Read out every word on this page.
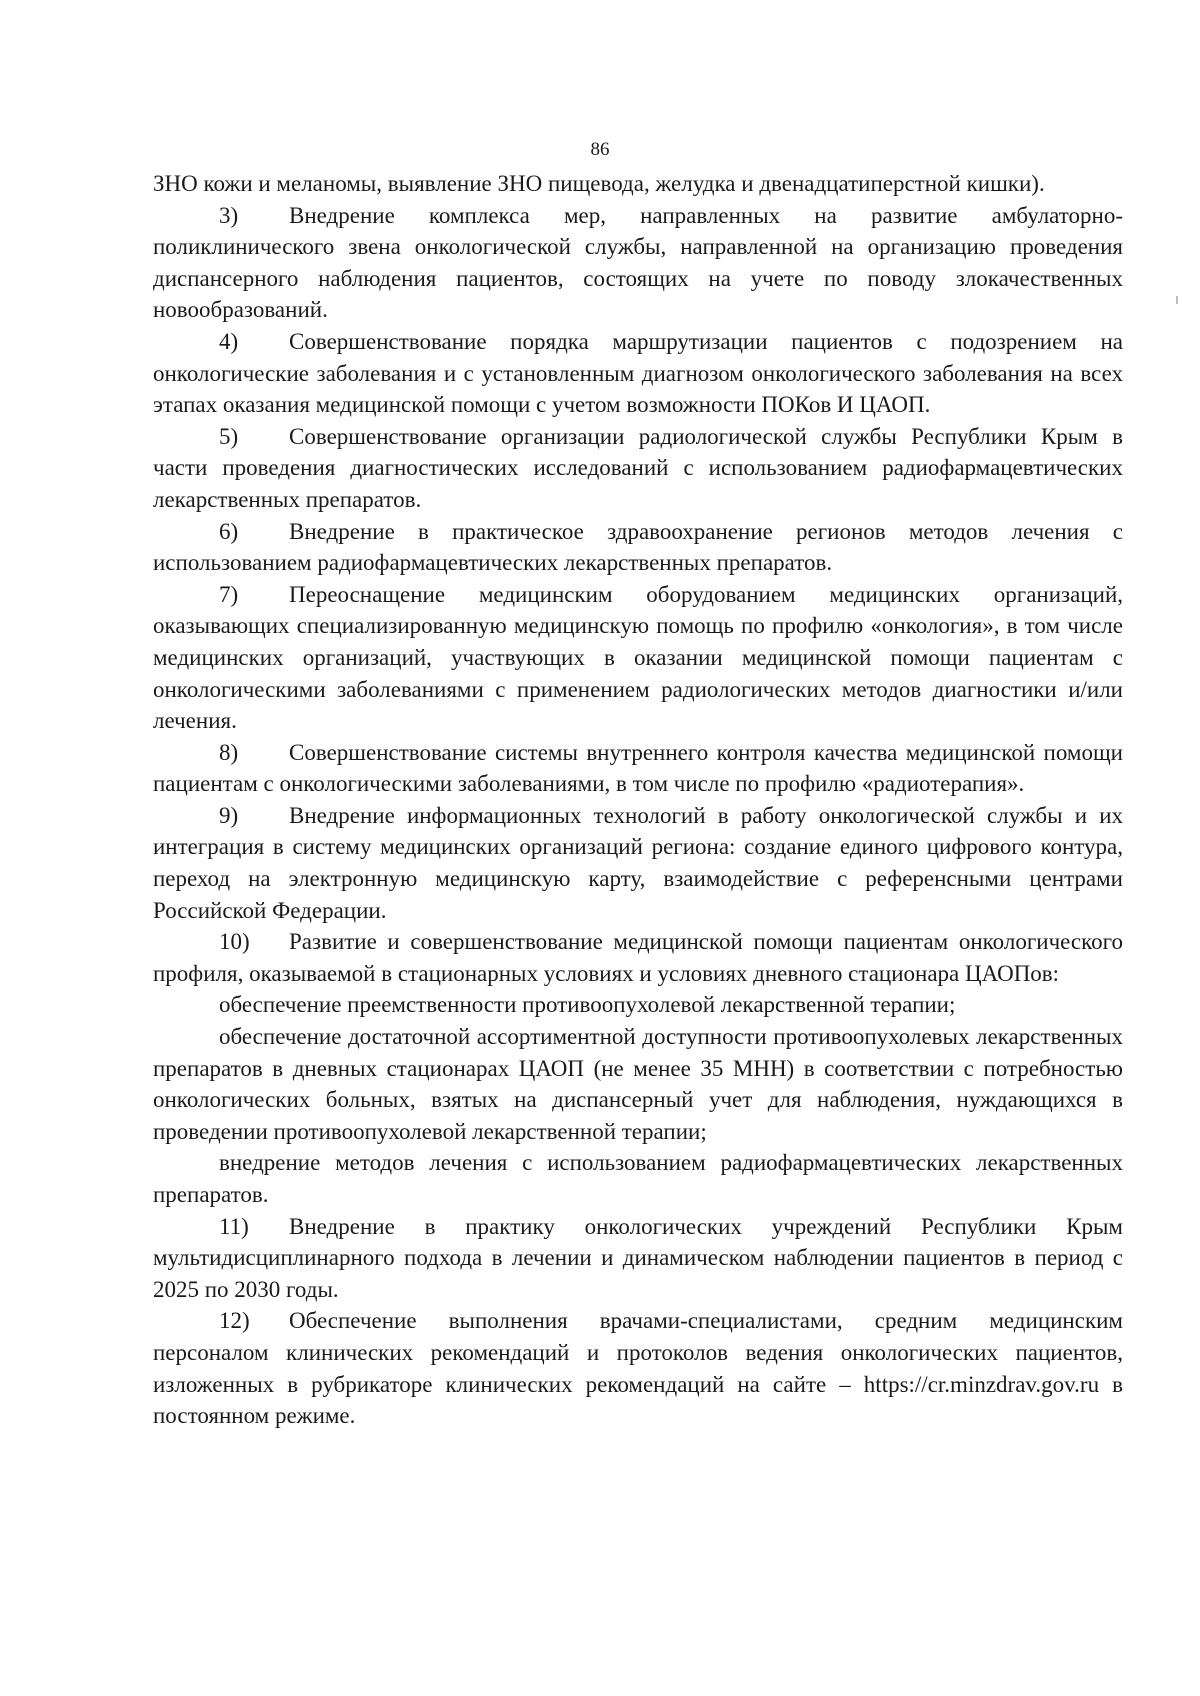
86

ЗНО кожи и меланомы, выявление ЗНО пищевода, желудка и двенадцатиперстной кишки).

3) Внедрение комплекса мер, направленных на развитие амбулаторно-поликлинического звена онкологической службы, направленной на организацию проведения диспансерного наблюдения пациентов, состоящих на учете по поводу злокачественных новообразований.

4) Совершенствование порядка маршрутизации пациентов с подозрением на онкологические заболевания и с установленным диагнозом онкологического заболевания на всех этапах оказания медицинской помощи с учетом возможности ПОКов И ЦАОП.

5) Совершенствование организации радиологической службы Республики Крым в части проведения диагностических исследований с использованием радиофармацевтических лекарственных препаратов.

6) Внедрение в практическое здравоохранение регионов методов лечения с использованием радиофармацевтических лекарственных препаратов.

7) Переоснащение медицинским оборудованием медицинских организаций, оказывающих специализированную медицинскую помощь по профилю «онкология», в том числе медицинских организаций, участвующих в оказании медицинской помощи пациентам с онкологическими заболеваниями с применением радиологических методов диагностики и/или лечения.

8) Совершенствование системы внутреннего контроля качества медицинской помощи пациентам с онкологическими заболеваниями, в том числе по профилю «радиотерапия».

9) Внедрение информационных технологий в работу онкологической службы и их интеграция в систему медицинских организаций региона: создание единого цифрового контура, переход на электронную медицинскую карту, взаимодействие с референсными центрами Российской Федерации.

10) Развитие и совершенствование медицинской помощи пациентам онкологического профиля, оказываемой в стационарных условиях и условиях дневного стационара ЦАОПов:

обеспечение преемственности противоопухолевой лекарственной терапии;

обеспечение достаточной ассортиментной доступности противоопухолевых лекарственных препаратов в дневных стационарах ЦАОП (не менее 35 МНН) в соответствии с потребностью онкологических больных, взятых на диспансерный учет для наблюдения, нуждающихся в проведении противоопухолевой лекарственной терапии;

внедрение методов лечения с использованием радиофармацевтических лекарственных препаратов.

11) Внедрение в практику онкологических учреждений Республики Крым мультидисциплинарного подхода в лечении и динамическом наблюдении пациентов в период с 2025 по 2030 годы.

12) Обеспечение выполнения врачами-специалистами, средним медицинским персоналом клинических рекомендаций и протоколов ведения онкологических пациентов, изложенных в рубрикаторе клинических рекомендаций на сайте – https://cr.minzdrav.gov.ru в постоянном режиме.
